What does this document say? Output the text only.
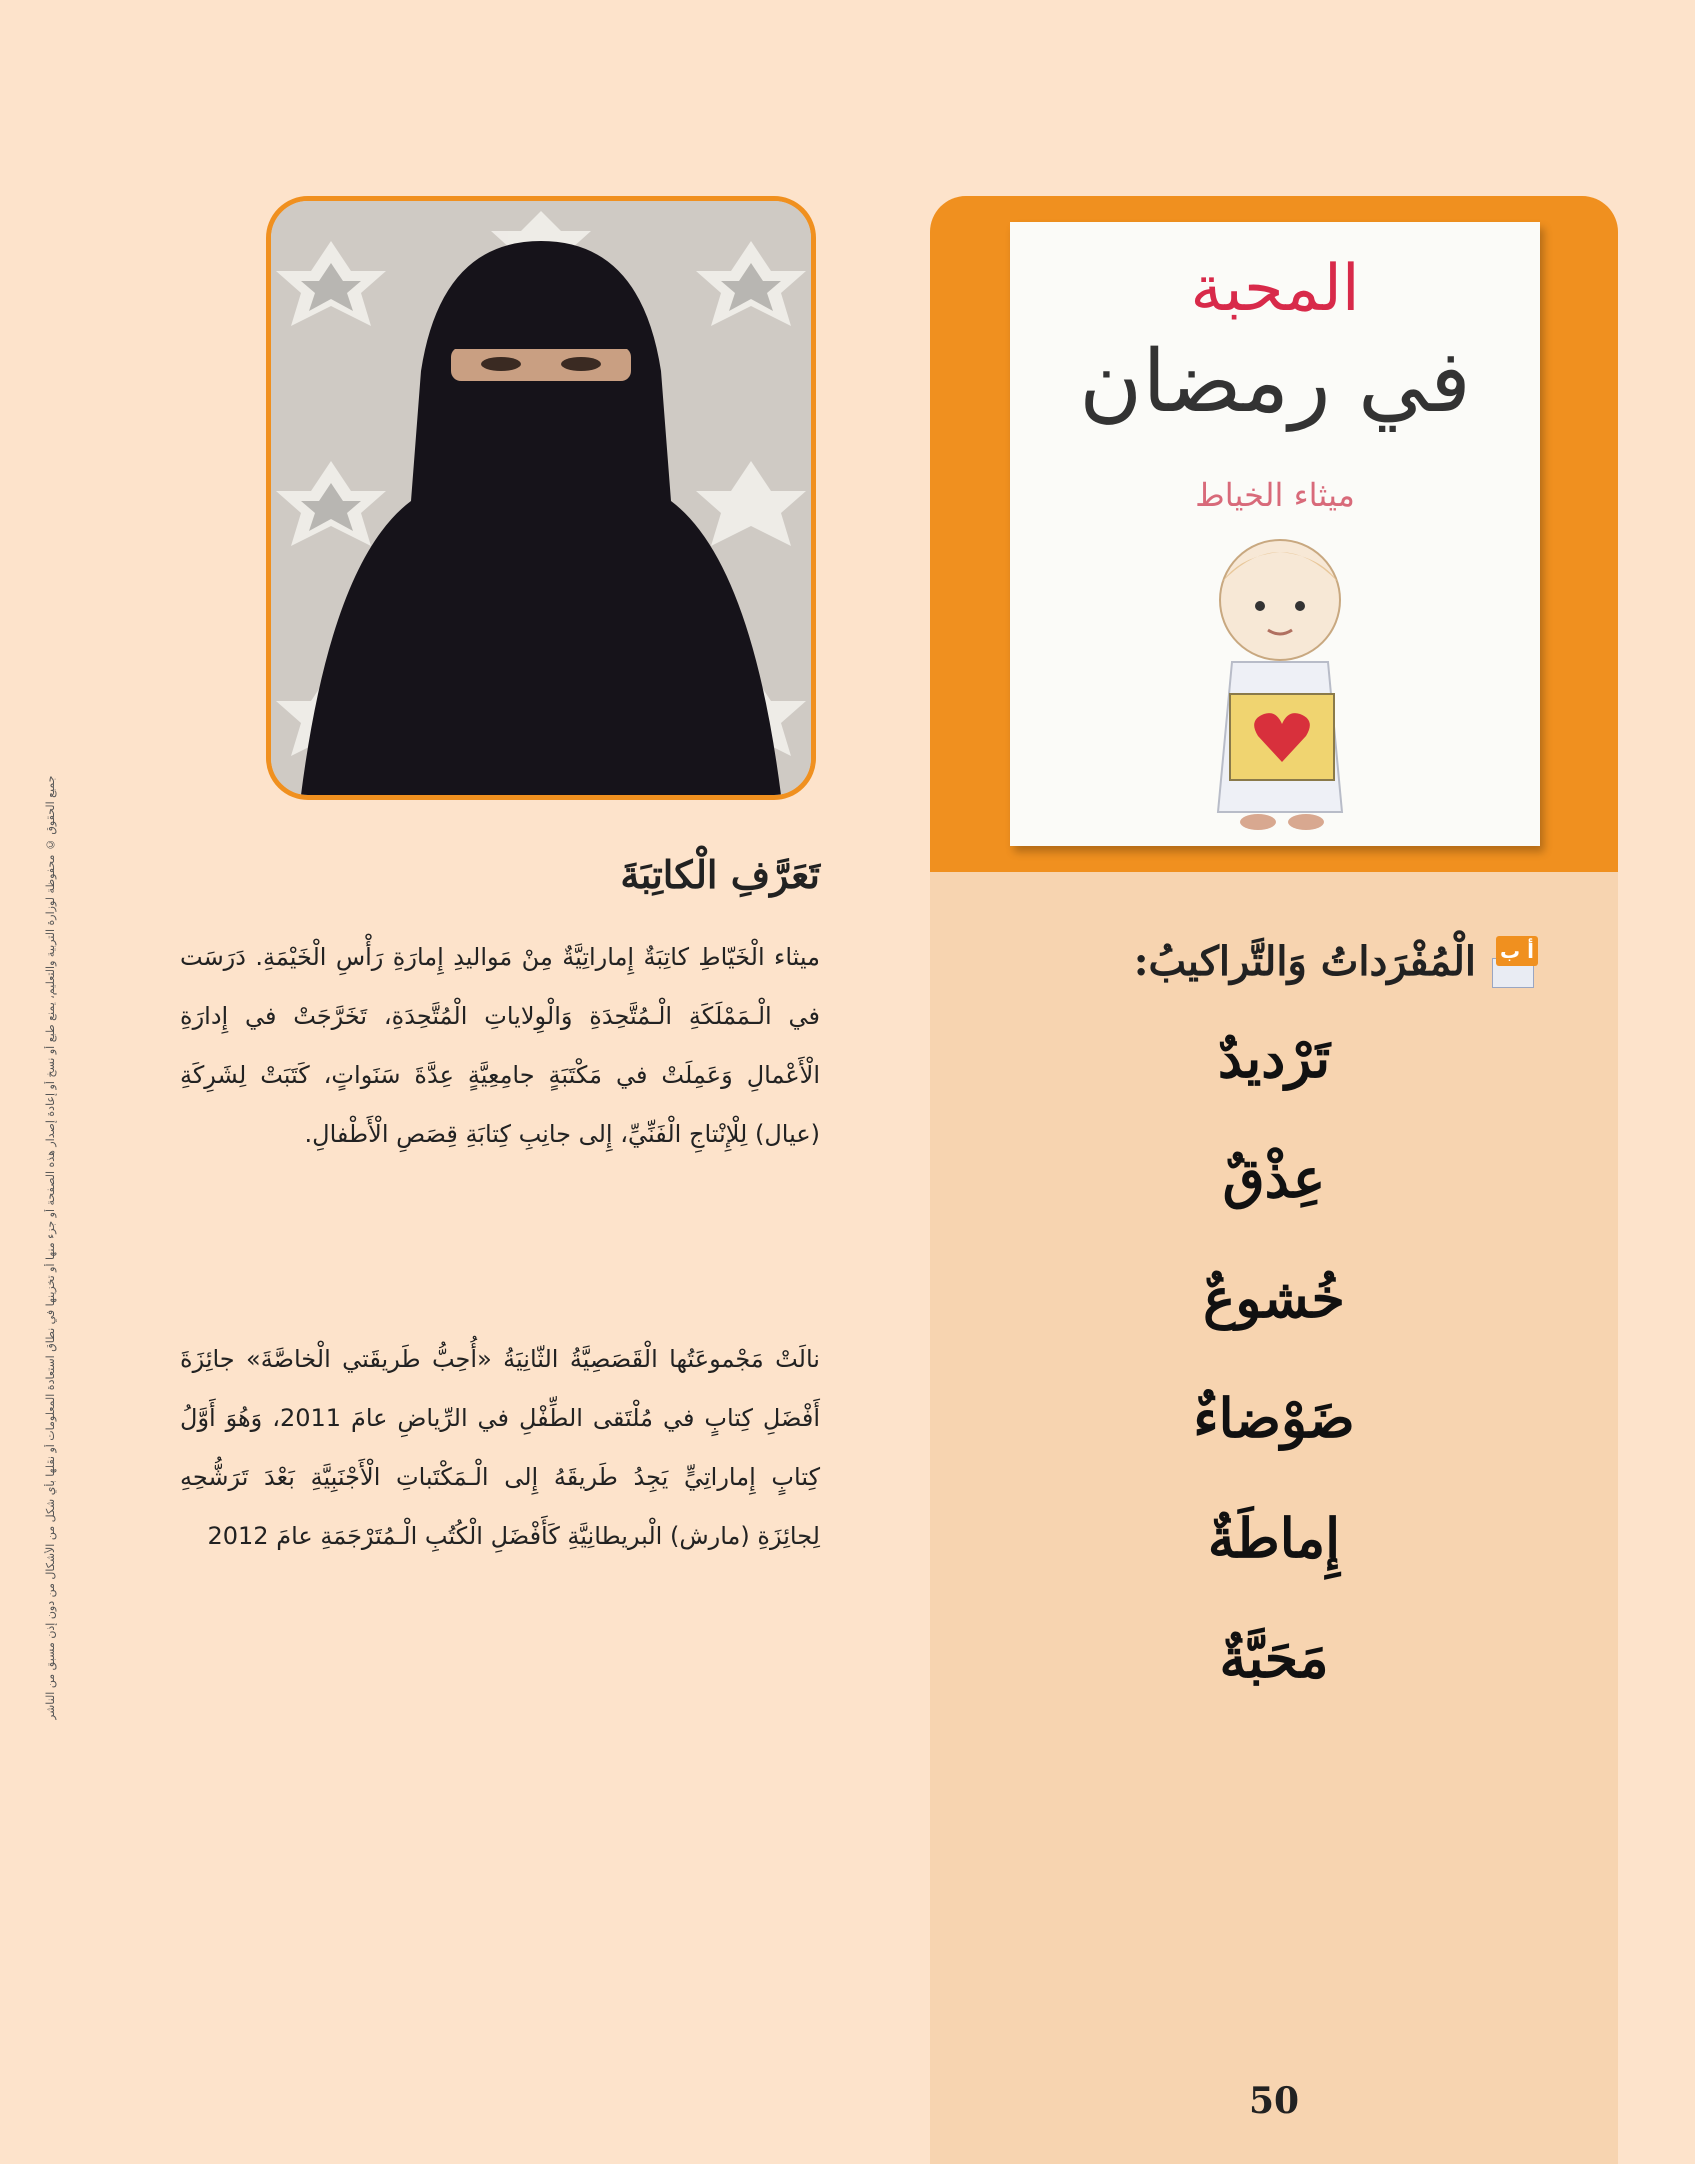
جميع الحقوق © محفوظة لوزارة التربية والتعليم، يمنع طبع أو نسخ أو إعادة إصدار هذه الصفحة أو جزء منها أو تخزينها في نطاق استعادة المعلومات أو نقلها بأي شكل من الأشكال من دون إذن مسبق من الناشر
المحبة
في رمضان
ميثاء الخياط
أ ب
الْمُفْرَداتُ وَالتَّراكيبُ:
تَرْديدٌ
عِذْقٌ
خُشوعٌ
ضَوْضاءٌ
إِماطَةٌ
مَحَبَّةٌ
50
تَعَرَّفِ الْكاتِبَةَ

ميثاء الْخَيّاطِ كاتِبَةٌ إِماراتِيَّةٌ مِنْ مَواليدِ إِمارَةِ رَأْسِ الْخَيْمَةِ. دَرَسَت في الْـمَمْلَكَةِ الْـمُتَّحِدَةِ وَالْوِلاياتِ الْمُتَّحِدَةِ، تَخَرَّجَتْ في إِدارَةِ الْأَعْمالِ وَعَمِلَتْ في مَكْتَبَةٍ جامِعِيَّةٍ عِدَّةَ سَنَواتٍ، كَتَبَتْ لِشَرِكَةِ (عيال) لِلْإِنْتاجِ الْفَنِّيِّ، إِلى جانِبِ كِتابَةِ قِصَصِ الْأَطْفالِ.

نالَتْ مَجْموعَتُها الْقَصَصِيَّةُ الثّانِيَةُ «أُحِبُّ طَريقَتي الْخاصَّةَ» جائِزَةَ أَفْضَلِ كِتابٍ في مُلْتَقى الطِّفْلِ في الرِّياضِ عامَ 2011، وَهُوَ أَوَّلُ كِتابٍ إِماراتِيٍّ يَجِدُ طَريقَهُ إِلى الْـمَكْتَباتِ الْأَجْنَبِيَّةِ بَعْدَ تَرَشُّحِهِ لِجائِزَةِ (مارش) الْبريطانِيَّةِ كَأَفْضَلِ الْكُتُبِ الْـمُتَرْجَمَةِ عامَ 2012
